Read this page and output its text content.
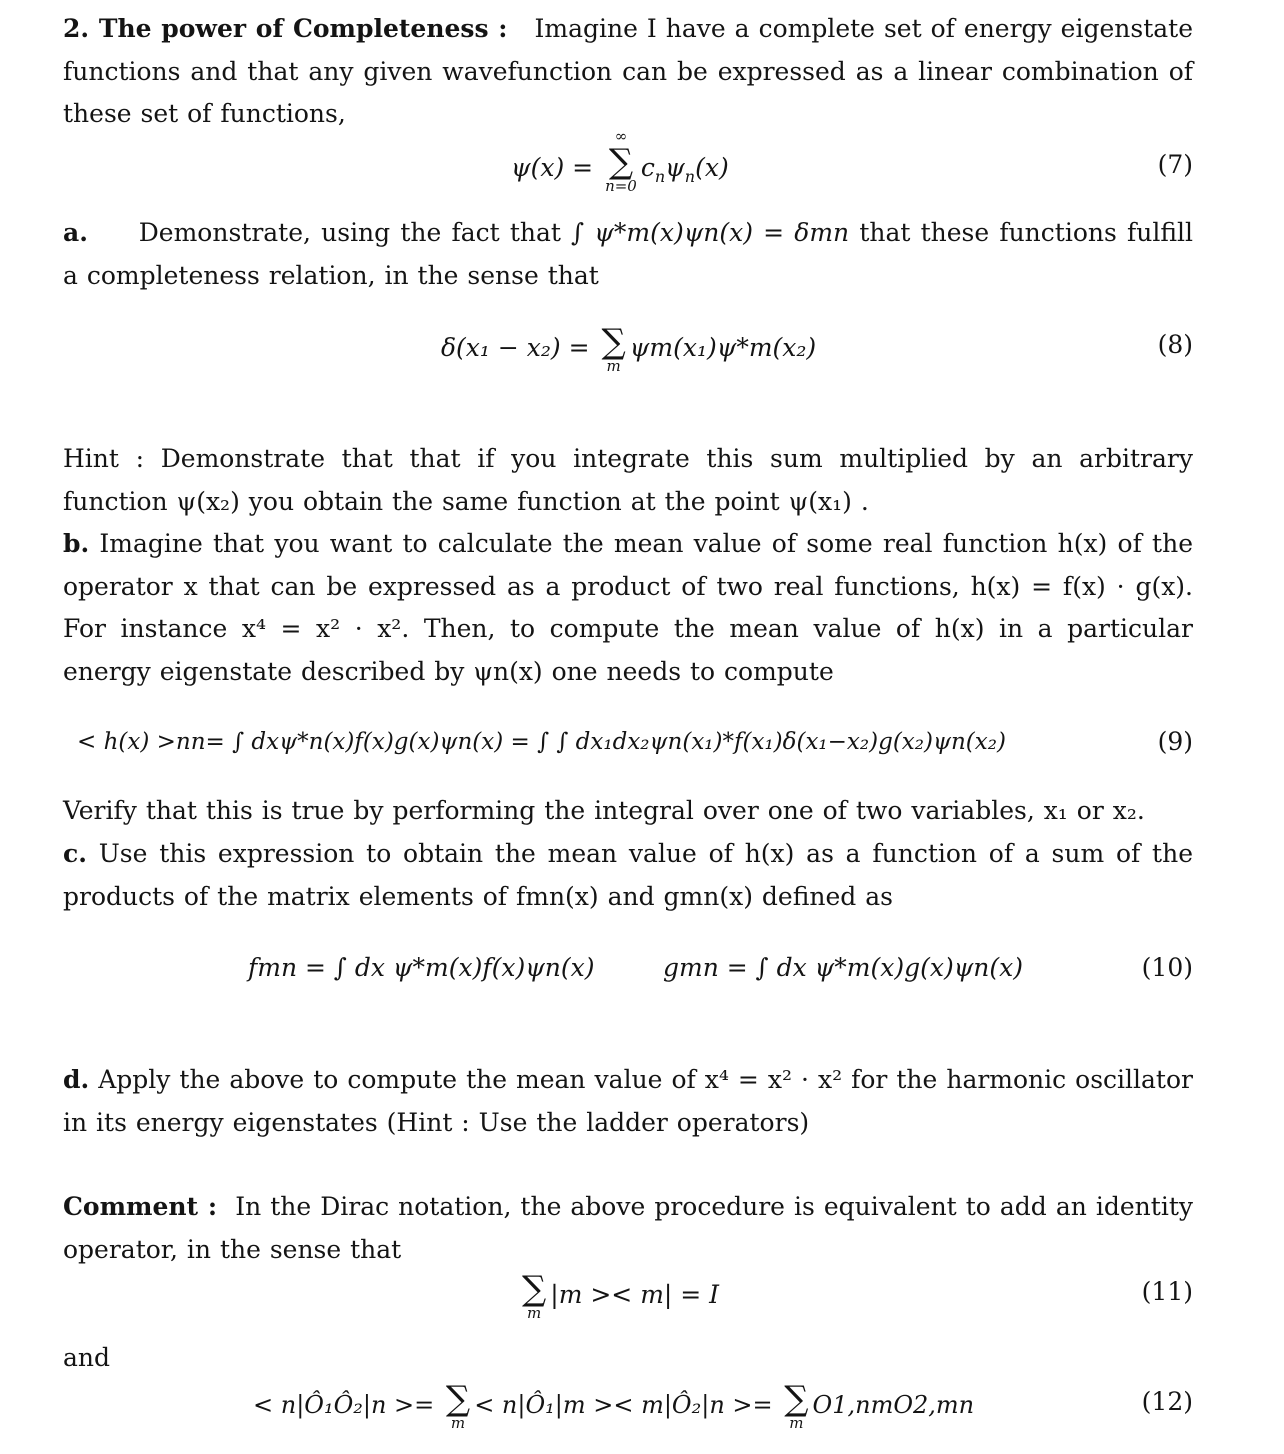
2. The power of Completeness : Imagine I have a complete set of energy eigenstate functions and that any given wavefunction can be expressed as a linear combination of these set of functions,
ψ(x) =
∞
∑
n=0
$c_n\psi_n(x)$	(7)
a. Demonstrate, using the fact that ∫ ψ*m(x)ψn(x) = δmn that these functions fulfill a completeness relation, in the sense that
δ(x₁ − x₂) = ∑
m
ψm(x₁)ψ*m(x₂)	(8)
Hint : Demonstrate that that if you integrate this sum multiplied by an arbitrary function ψ(x₂) you obtain the same function at the point ψ(x₁) .
b. Imagine that you want to calculate the mean value of some real function h(x) of the operator x that can be expressed as a product of two real functions, h(x) = f(x) · g(x). For instance x⁴ = x² · x². Then, to compute the mean value of h(x) in a particular energy eigenstate described by ψn(x) one needs to compute
< h(x) >nn= ∫ dxψ*n(x)f(x)g(x)ψn(x) = ∫ ∫ dx₁dx₂ψn(x₁)*f(x₁)δ(x₁−x₂)g(x₂)ψn(x₂)	(9)
Verify that this is true by performing the integral over one of two variables, x₁ or x₂.
c. Use this expression to obtain the mean value of h(x) as a function of a sum of the products of the matrix elements of fmn(x) and gmn(x) defined as
fmn = ∫ dx ψ*m(x)f(x)ψn(x)	gmn = ∫ dx ψ*m(x)g(x)ψn(x)	(10)
d. Apply the above to compute the mean value of x⁴ = x² · x² for the harmonic oscillator in its energy eigenstates (Hint : Use the ladder operators)
Comment : In the Dirac notation, the above procedure is equivalent to add an identity operator, in the sense that
∑
m
|m >< m| = I	(11)
and
< n|Ô₁Ô₂|n >= ∑
m
< n|Ô₁|m >< m|Ô₂|n >= ∑
m
O1,nmO2,mn	(12)
